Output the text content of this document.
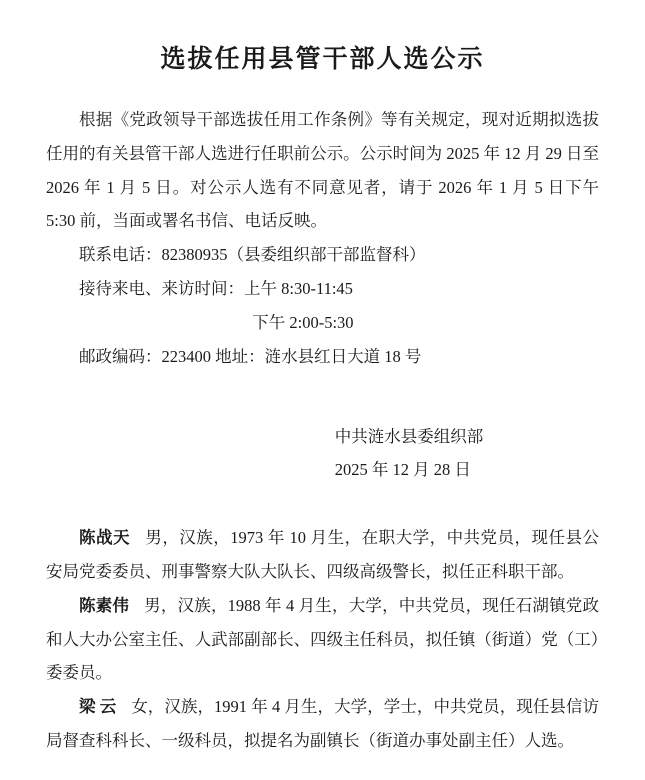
选拔任用县管干部人选公示

根据《党政领导干部选拔任用工作条例》等有关规定，现对近期拟选拔任用的有关县管干部人选进行任职前公示。公示时间为 2025 年 12 月 29 日至 2026 年 1 月 5 日。对公示人选有不同意见者，请于 2026 年 1 月 5 日下午 5:30 前，当面或署名书信、电话反映。

联系电话：82380935（县委组织部干部监督科）

接待来电、来访时间：上午 8:30-11:45

下午 2:00-5:30

邮政编码：223400 地址：涟水县红日大道 18 号

中共涟水县委组织部
2025 年 12 月 28 日

陈战天 男，汉族，1973 年 10 月生，在职大学，中共党员，现任县公安局党委委员、刑事警察大队大队长、四级高级警长，拟任正科职干部。

陈素伟 男，汉族，1988 年 4 月生，大学，中共党员，现任石湖镇党政和人大办公室主任、人武部副部长、四级主任科员，拟任镇（街道）党（工）委委员。

梁 云 女，汉族，1991 年 4 月生，大学，学士，中共党员，现任县信访局督查科科长、一级科员，拟提名为副镇长（街道办事处副主任）人选。
